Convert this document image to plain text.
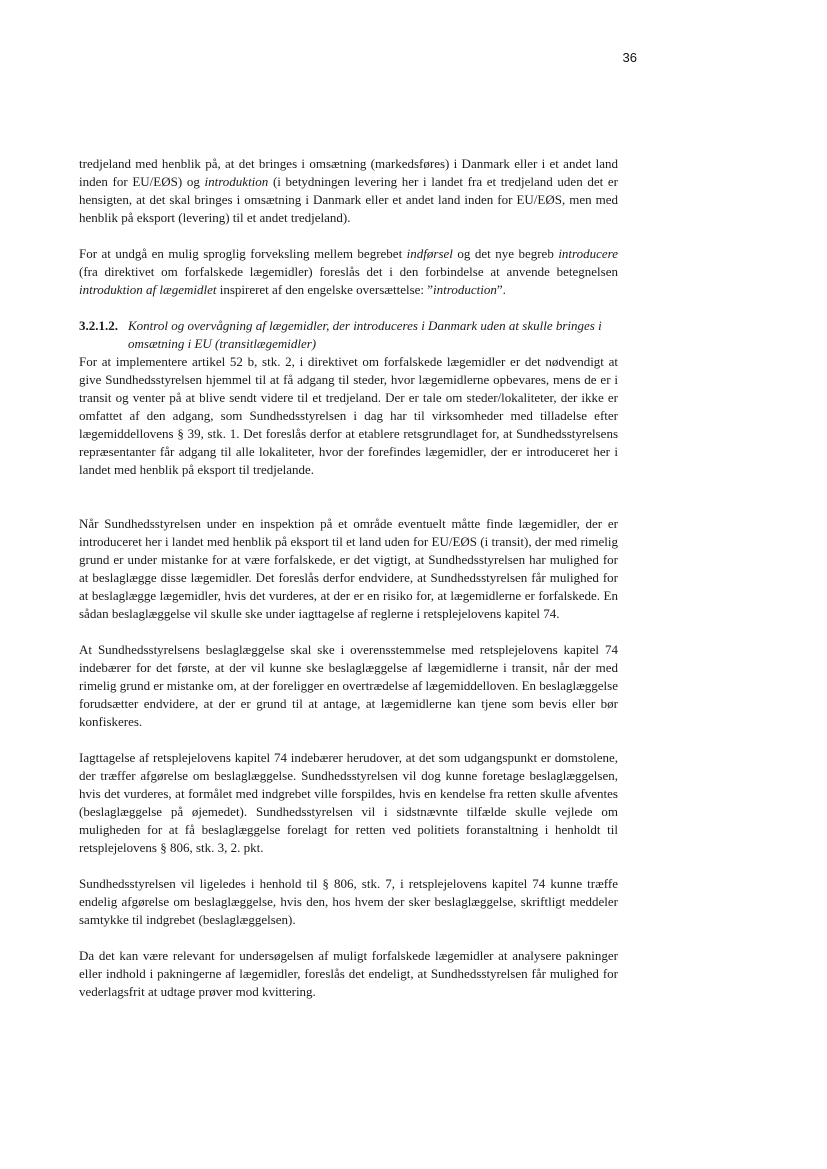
36

tredjeland med henblik på, at det bringes i omsætning (markedsføres) i Danmark eller i et andet land inden for EU/EØS) og introduktion (i betydningen levering her i landet fra et tredjeland uden det er hensigten, at det skal bringes i omsætning i Danmark eller et andet land inden for EU/EØS, men med henblik på eksport (levering) til et andet tredjeland).

For at undgå en mulig sproglig forveksling mellem begrebet indførsel og det nye begreb introducere (fra direktivet om forfalskede lægemidler) foreslås det i den forbindelse at anvende betegnelsen introduktion af lægemidlet inspireret af den engelske oversættelse: ”introduction”.

3.2.1.2. Kontrol og overvågning af lægemidler, der introduceres i Danmark uden at skulle bringes i omsætning i EU (transitlægemidler)

For at implementere artikel 52 b, stk. 2, i direktivet om forfalskede lægemidler er det nødvendigt at give Sundhedsstyrelsen hjemmel til at få adgang til steder, hvor lægemidlerne opbevares, mens de er i transit og venter på at blive sendt videre til et tredjeland. Der er tale om steder/lokaliteter, der ikke er omfattet af den adgang, som Sundhedsstyrelsen i dag har til virksomheder med tilladelse efter lægemiddellovens § 39, stk. 1. Det foreslås derfor at etablere retsgrundlaget for, at Sundhedsstyrelsens repræsentanter får adgang til alle lokaliteter, hvor der forefindes lægemidler, der er introduceret her i landet med henblik på eksport til tredjelande.

Når Sundhedsstyrelsen under en inspektion på et område eventuelt måtte finde lægemidler, der er introduceret her i landet med henblik på eksport til et land uden for EU/EØS (i transit), der med rimelig grund er under mistanke for at være forfalskede, er det vigtigt, at Sundhedsstyrelsen har mulighed for at beslaglægge disse lægemidler. Det foreslås derfor endvidere, at Sundhedsstyrelsen får mulighed for at beslaglægge lægemidler, hvis det vurderes, at der er en risiko for, at lægemidlerne er forfalskede. En sådan beslaglæggelse vil skulle ske under iagttagelse af reglerne i retsplejelovens kapitel 74.

At Sundhedsstyrelsens beslaglæggelse skal ske i overensstemmelse med retsplejelovens kapitel 74 indebærer for det første, at der vil kunne ske beslaglæggelse af lægemidlerne i transit, når der med rimelig grund er mistanke om, at der foreligger en overtrædelse af lægemiddelloven. En beslaglæggelse forudsætter endvidere, at der er grund til at antage, at lægemidlerne kan tjene som bevis eller bør konfiskeres.

Iagttagelse af retsplejelovens kapitel 74 indebærer herudover, at det som udgangspunkt er domstolene, der træffer afgørelse om beslaglæggelse. Sundhedsstyrelsen vil dog kunne foretage beslaglæggelsen, hvis det vurderes, at formålet med indgrebet ville forspildes, hvis en kendelse fra retten skulle afventes (beslaglæggelse på øjemedet). Sundhedsstyrelsen vil i sidstnævnte tilfælde skulle vejlede om muligheden for at få beslaglæggelse forelagt for retten ved politiets foranstaltning i henholdt til retsplejelovens § 806, stk. 3, 2. pkt.

Sundhedsstyrelsen vil ligeledes i henhold til § 806, stk. 7, i retsplejelovens kapitel 74 kunne træffe endelig afgørelse om beslaglæggelse, hvis den, hos hvem der sker beslaglæggelse, skriftligt meddeler samtykke til indgrebet (beslaglæggelsen).

Da det kan være relevant for undersøgelsen af muligt forfalskede lægemidler at analysere pakninger eller indhold i pakningerne af lægemidler, foreslås det endeligt, at Sundhedsstyrelsen får mulighed for vederlagsfrit at udtage prøver mod kvittering.
